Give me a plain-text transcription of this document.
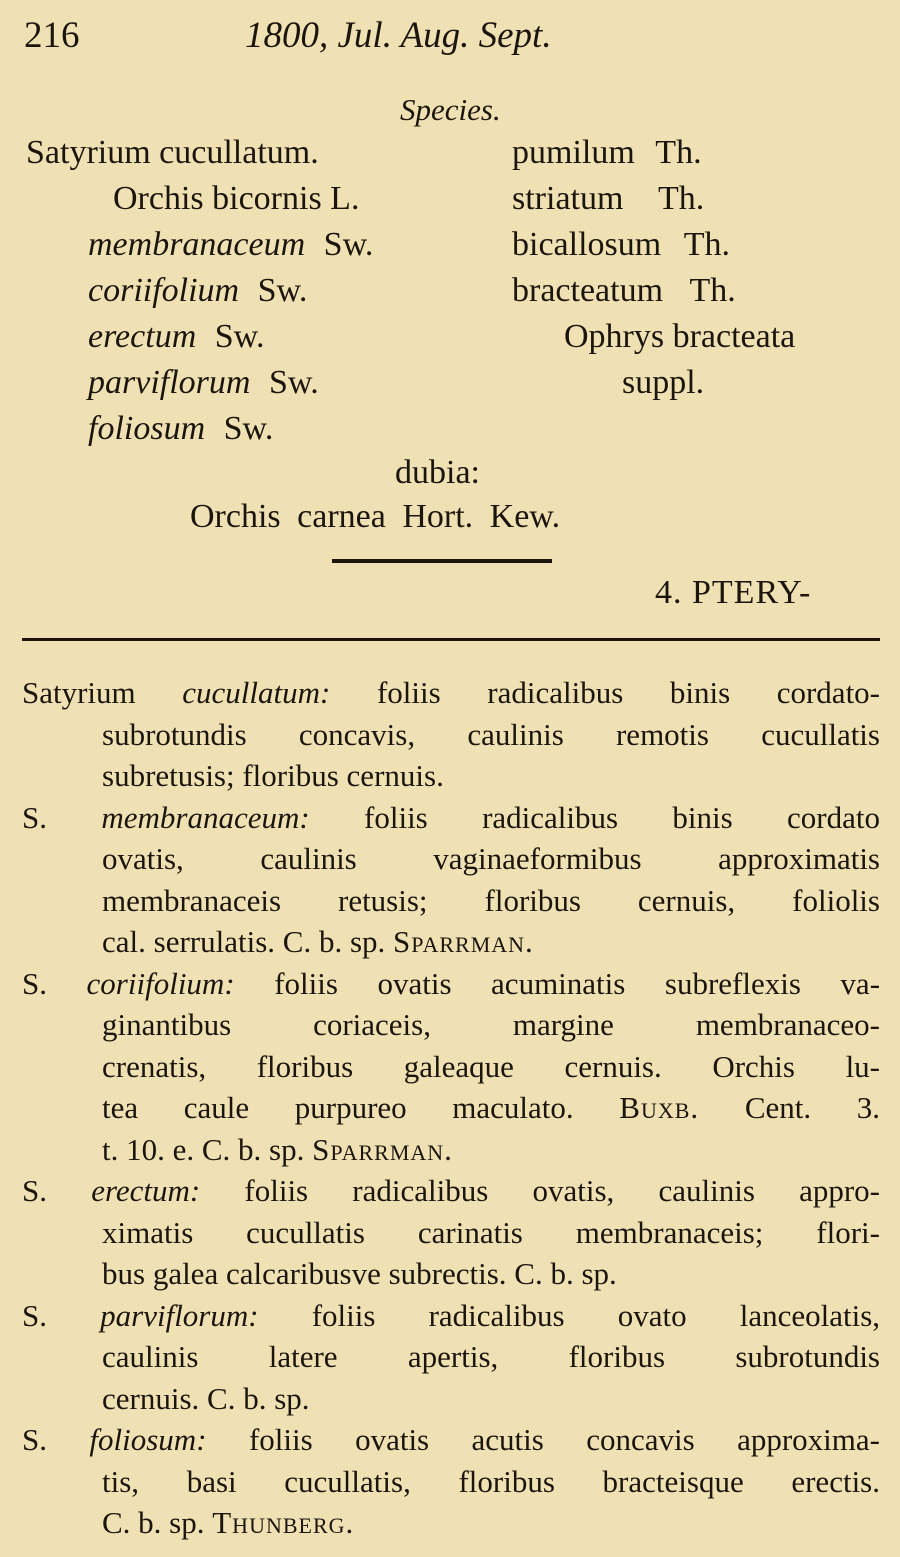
216	1800, Jul. Aug. Sept.
Species.
Satyrium cucullatum.
Orchis bicornis L.
membranaceum Sw.
coriifolium Sw.
erectum Sw.
parviflorum Sw.
foliosum Sw.
pumilum Th.
striatum Th.
bicallosum Th.
bracteatum Th.
Ophrys bracteata
suppl.
dubia:
Orchis carnea Hort. Kew.
4. PTERY-
Satyrium cucullatum: foliis radicalibus binis cordato-
subrotundis concavis, caulinis remotis cucullatis
subretusis; floribus cernuis.
S. membranaceum: foliis radicalibus binis cordato
ovatis, caulinis vaginaeformibus approximatis
membranaceis retusis; floribus cernuis, foliolis
cal. serrulatis. C. b. sp. Sparrman.
S. coriifolium: foliis ovatis acuminatis subreflexis va-
ginantibus coriaceis, margine membranaceo-
crenatis, floribus galeaque cernuis. Orchis lu-
tea caule purpureo maculato. Buxb. Cent. 3.
t. 10. e. C. b. sp. Sparrman.
S. erectum: foliis radicalibus ovatis, caulinis appro-
ximatis cucullatis carinatis membranaceis; flori-
bus galea calcaribusve subrectis. C. b. sp.
S. parviflorum: foliis radicalibus ovato lanceolatis,
caulinis latere apertis, floribus subrotundis
cernuis. C. b. sp.
S. foliosum: foliis ovatis acutis concavis approxima-
tis, basi cucullatis, floribus bracteisque erectis.
C. b. sp. Thunberg.
